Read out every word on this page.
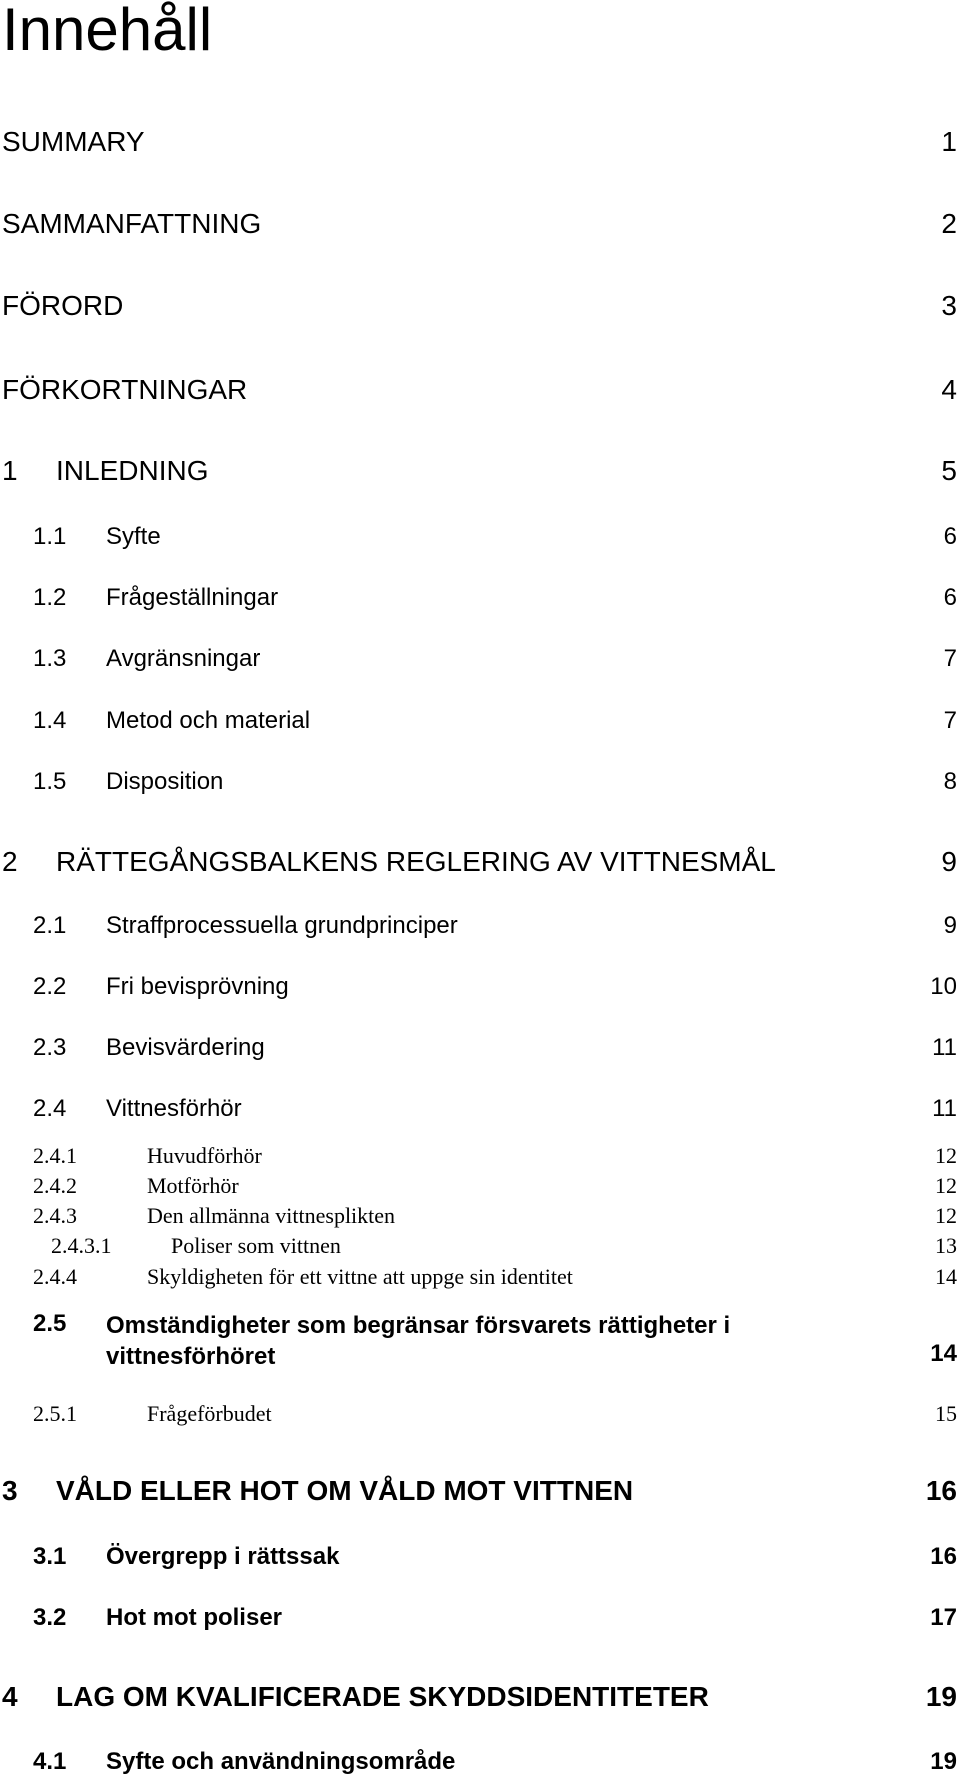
Innehåll
SUMMARY	1
SAMMANFATTNING	2
FÖRORD	3
FÖRKORTNINGAR	4
1 INLEDNING	5
1.1 Syfte	6
1.2 Frågeställningar	6
1.3 Avgränsningar	7
1.4 Metod och material	7
1.5 Disposition	8
2 RÄTTEGÅNGSBALKENS REGLERING AV VITTNESMÅL	9
2.1 Straffprocessuella grundprinciper	9
2.2 Fri bevisprövning	10
2.3 Bevisvärdering	11
2.4 Vittnesförhör	11
2.4.1	Huvudförhör	12
2.4.2	Motförhör	12
2.4.3	Den allmänna vittnesplikten	12
2.4.3.1	Poliser som vittnen	13
2.4.4	Skyldigheten för ett vittne att uppge sin identitet	14
2.5 Omständigheter som begränsar försvarets rättigheter i
vittnesförhöret	14
2.5.1	Frågeförbudet	15
3 VÅLD ELLER HOT OM VÅLD MOT VITTNEN	16
3.1 Övergrepp i rättssak	16
3.2 Hot mot poliser	17
4 LAG OM KVALIFICERADE SKYDDSIDENTITETER	19
4.1 Syfte och användningsområde	19
